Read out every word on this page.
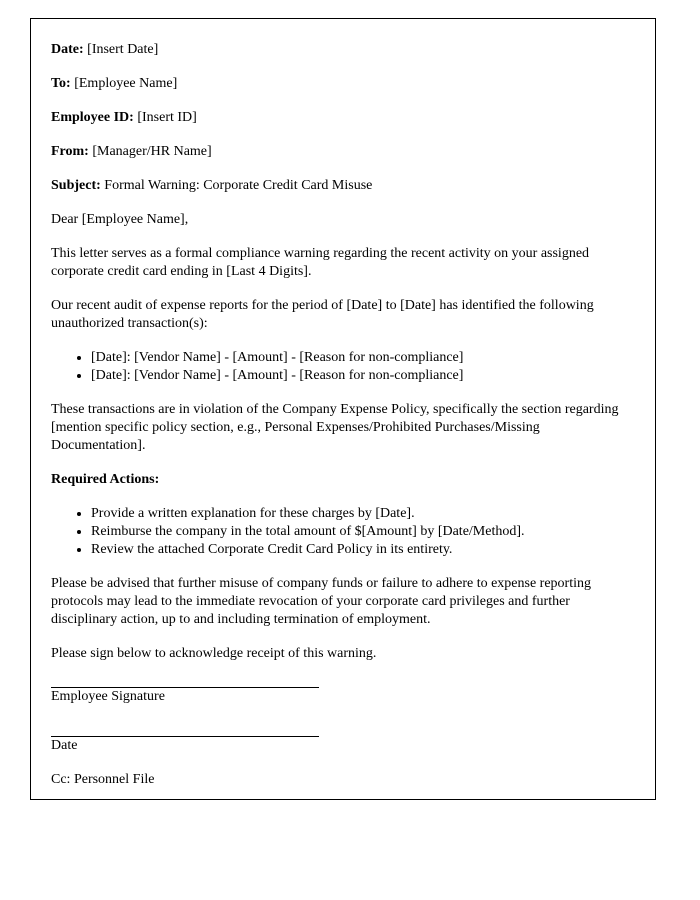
Date: [Insert Date]

To: [Employee Name]

Employee ID: [Insert ID]

From: [Manager/HR Name]

Subject: Formal Warning: Corporate Credit Card Misuse

Dear [Employee Name],

This letter serves as a formal compliance warning regarding the recent activity on your assigned corporate credit card ending in [Last 4 Digits].

Our recent audit of expense reports for the period of [Date] to [Date] has identified the following unauthorized transaction(s):

• [Date]: [Vendor Name] - [Amount] - [Reason for non-compliance]
• [Date]: [Vendor Name] - [Amount] - [Reason for non-compliance]

These transactions are in violation of the Company Expense Policy, specifically the section regarding [mention specific policy section, e.g., Personal Expenses/Prohibited Purchases/Missing Documentation].

Required Actions:

• Provide a written explanation for these charges by [Date].
• Reimburse the company in the total amount of $[Amount] by [Date/Method].
• Review the attached Corporate Credit Card Policy in its entirety.

Please be advised that further misuse of company funds or failure to adhere to expense reporting protocols may lead to the immediate revocation of your corporate card privileges and further disciplinary action, up to and including termination of employment.

Please sign below to acknowledge receipt of this warning.

Employee Signature

Date

Cc: Personnel File
